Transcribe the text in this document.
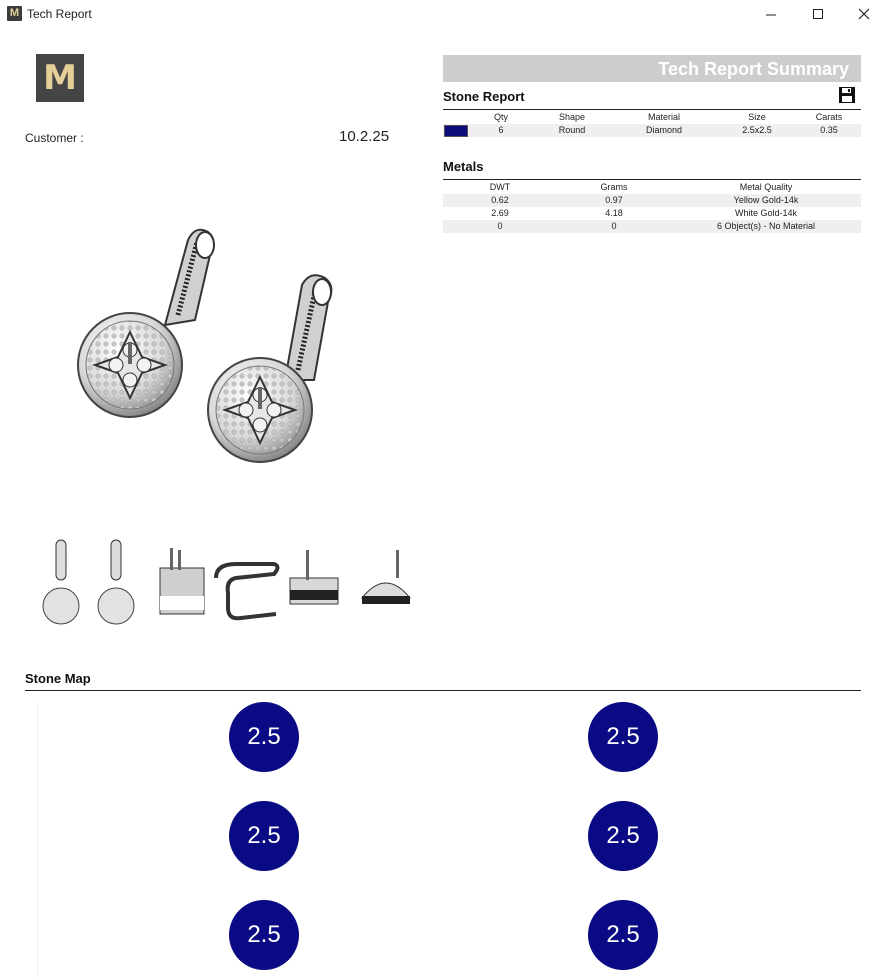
M Tech Report
M
Customer :	10.2.25
Tech Report Summary
Stone Report
	Qty	Shape	Material	Size	Carats
	6	Round	Diamond	2.5x2.5	0.35
Metals
DWT	Grams	Metal Quality
0.62	0.97	Yellow Gold-14k
2.69	4.18	White Gold-14k
0	0	6 Object(s) - No Material
Stone Map
2.5	2.5
2.5	2.5
2.5	2.5
